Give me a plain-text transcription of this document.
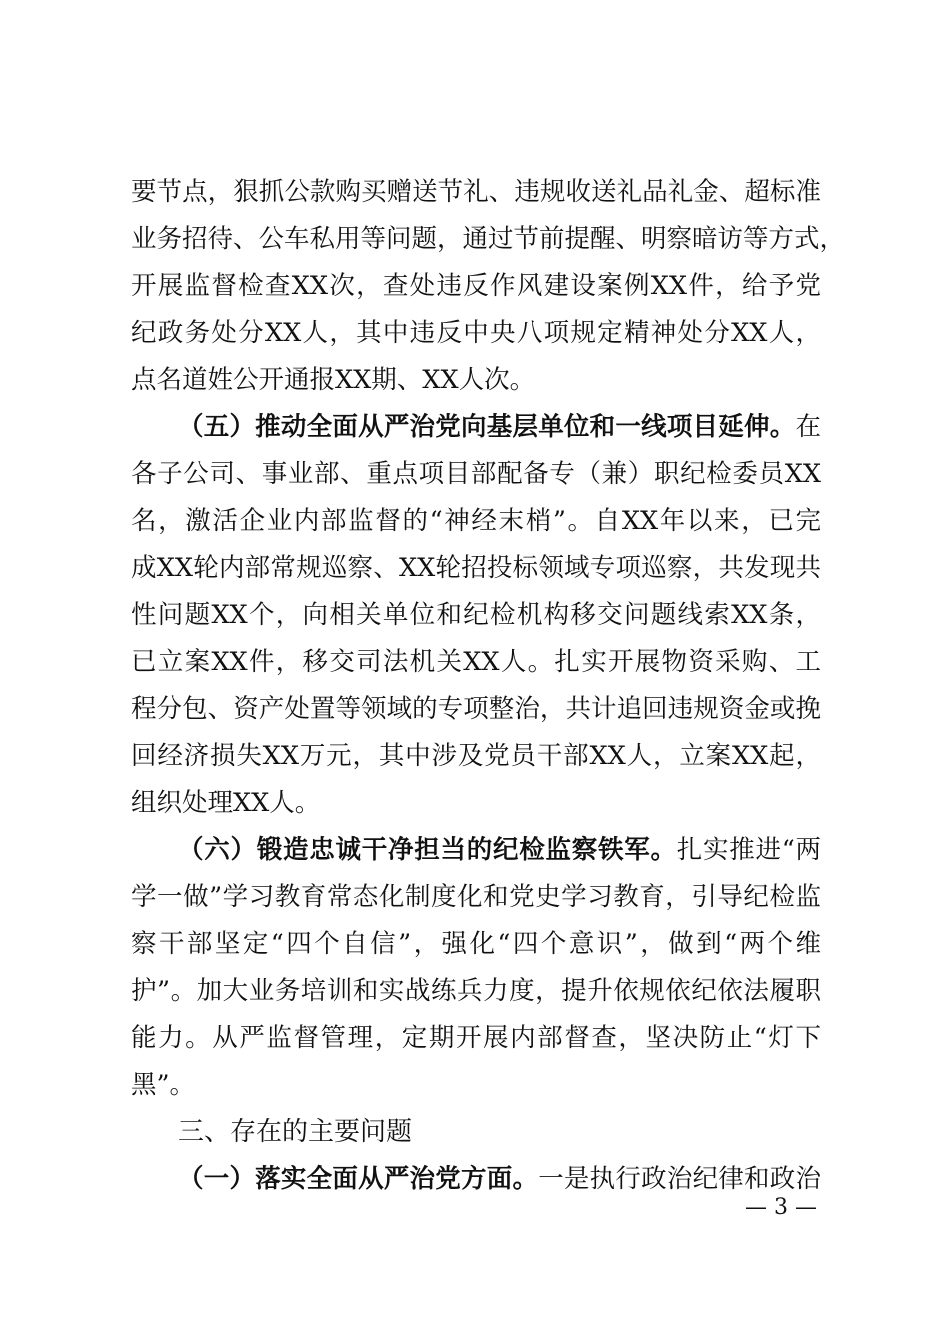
要节点，狠抓公款购买赠送节礼、违规收送礼品礼金、超标准
业务招待、公车私用等问题，通过节前提醒、明察暗访等方式，
开展监督检查XX次，查处违反作风建设案例XX件，给予党
纪政务处分XX人，其中违反中央八项规定精神处分XX人，
点名道姓公开通报XX期、XX人次。
（五）推动全面从严治党向基层单位和一线项目延伸。在
各子公司、事业部、重点项目部配备专（兼）职纪检委员XX
名，激活企业内部监督的“神经末梢”。自XX年以来，已完
成XX轮内部常规巡察、XX轮招投标领域专项巡察，共发现共
性问题XX个，向相关单位和纪检机构移交问题线索XX条，
已立案XX件，移交司法机关XX人。扎实开展物资采购、工
程分包、资产处置等领域的专项整治，共计追回违规资金或挽
回经济损失XX万元，其中涉及党员干部XX人，立案XX起，
组织处理XX人。
（六）锻造忠诚干净担当的纪检监察铁军。扎实推进“两
学一做”学习教育常态化制度化和党史学习教育，引导纪检监
察干部坚定“四个自信”，强化“四个意识”，做到“两个维
护”。加大业务培训和实战练兵力度，提升依规依纪依法履职
能力。从严监督管理，定期开展内部督查，坚决防止“灯下
黑”。
三、存在的主要问题
（一）落实全面从严治党方面。一是执行政治纪律和政治
— 3 —
